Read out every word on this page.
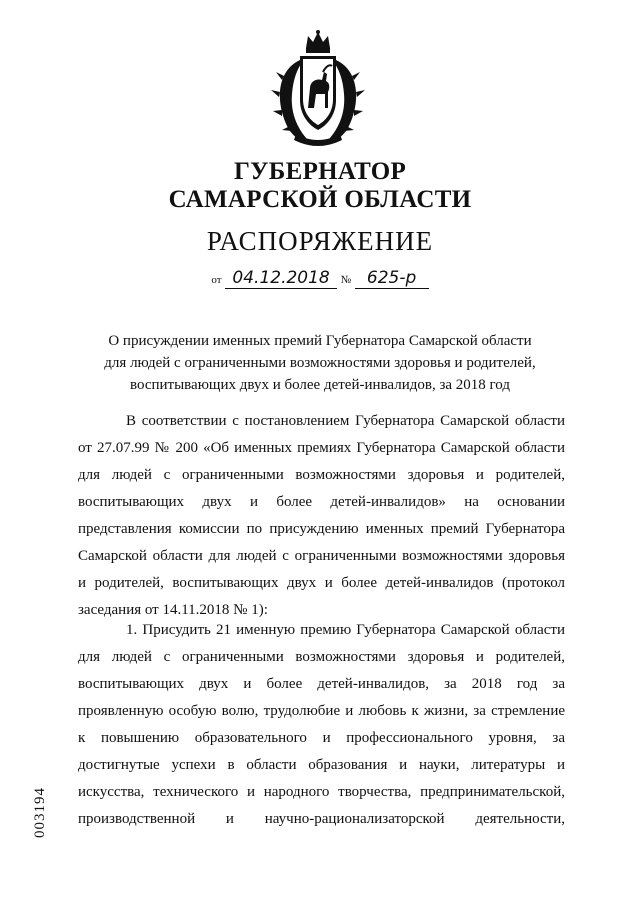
ГУБЕРНАТОР
САМАРСКОЙ ОБЛАСТИ
РАСПОРЯЖЕНИЕ
от 04.12.2018 № 625-р
О присуждении именных премий Губернатора Самарской области
для людей с ограниченными возможностями здоровья и родителей,
воспитывающих двух и более детей-инвалидов, за 2018 год
В соответствии с постановлением Губернатора Самарской области
от 27.07.99 № 200 «Об именных премиях Губернатора Самарской области
для людей с ограниченными возможностями здоровья и родителей,
воспитывающих двух и более детей-инвалидов» на основании
представления комиссии по присуждению именных премий Губернатора
Самарской области для людей с ограниченными возможностями здоровья
и родителей, воспитывающих двух и более детей-инвалидов (протокол
заседания от 14.11.2018 № 1):
1. Присудить 21 именную премию Губернатора Самарской области
для людей с ограниченными возможностями здоровья и родителей,
воспитывающих двух и более детей-инвалидов, за 2018 год за
проявленную особую волю, трудолюбие и любовь к жизни, за стремление
к повышению образовательного и профессионального уровня, за
достигнутые успехи в области образования и науки, литературы и
искусства, технического и народного творчества, предпринимательской,
производственной и научно-рационализаторской деятельности,
003194
